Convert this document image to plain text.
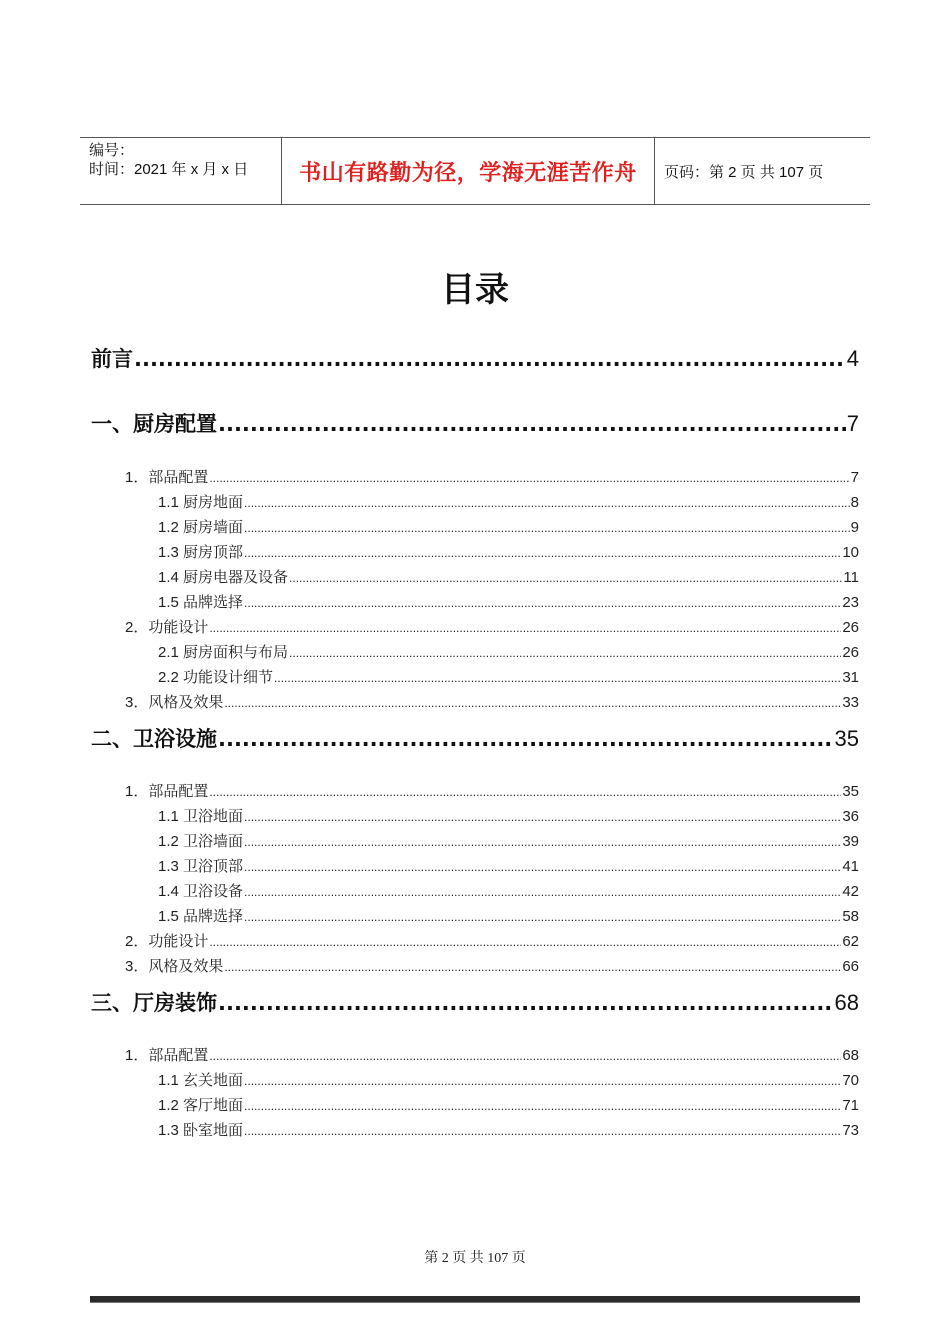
编号：
时间：2021 年 x 月 x 日	书山有路勤为径，学海无涯苦作舟	页码：第 2 页 共 107 页
目录
前言 .....	4
一、厨房配置 .....	7
1．部品配置 .....	7
1.1 厨房地面 .....	8
1.2 厨房墙面 .....	9
1.3 厨房顶部 .....	10
1.4 厨房电器及设备 .....	11
1.5 品牌选择 .....	23
2．功能设计 .....	26
2.1 厨房面积与布局 .....	26
2.2 功能设计细节 .....	31
3．风格及效果 .....	33
二、卫浴设施 .....	35
1．部品配置 .....	35
1.1 卫浴地面 .....	36
1.2 卫浴墙面 .....	39
1.3 卫浴顶部 .....	41
1.4 卫浴设备 .....	42
1.5 品牌选择 .....	58
2．功能设计 .....	62
3．风格及效果 .....	66
三、厅房装饰 .....	68
1．部品配置 .....	68
1.1 玄关地面 .....	70
1.2 客厅地面 .....	71
1.3 卧室地面 .....	73
第 2 页 共 107 页
